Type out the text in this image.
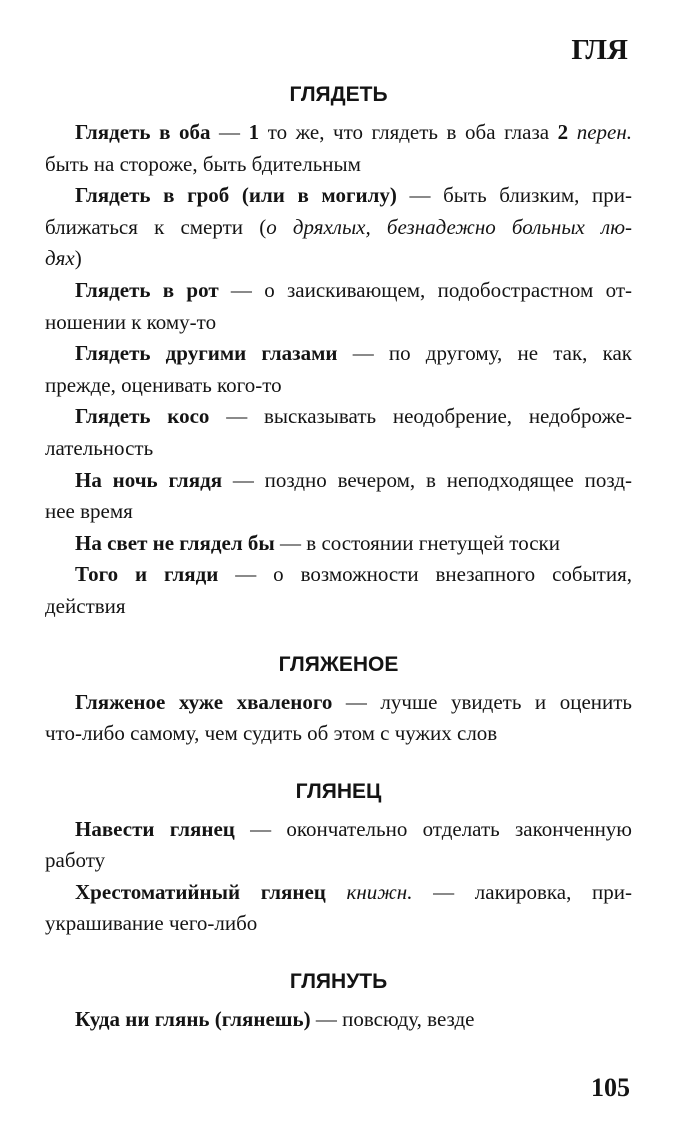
ГЛЯ
ГЛЯДЕТЬ
Глядеть в оба — 1 то же, что глядеть в оба глаза 2 перен.
быть на стороже, быть бдительным
Глядеть в гроб (или в могилу) — быть близким, при-
ближаться к смерти (о дряхлых, безнадежно больных лю-
дях)
Глядеть в рот — о заискивающем, подобострастном от-
ношении к кому-то
Глядеть другими глазами — по другому, не так, как
прежде, оценивать кого-то
Глядеть косо — высказывать неодобрение, недоброже-
лательность
На ночь глядя — поздно вечером, в неподходящее позд-
нее время
На свет не глядел бы — в состоянии гнетущей тоски
Того и гляди — о возможности внезапного события,
действия
ГЛЯЖЕНОЕ
Гляженое хуже хваленого — лучше увидеть и оценить
что-либо самому, чем судить об этом с чужих слов
ГЛЯНЕЦ
Навести глянец — окончательно отделать законченную
работу
Хрестоматийный глянец книжн. — лакировка, при-
украшивание чего-либо
ГЛЯНУТЬ
Куда ни глянь (глянешь) — повсюду, везде
105
